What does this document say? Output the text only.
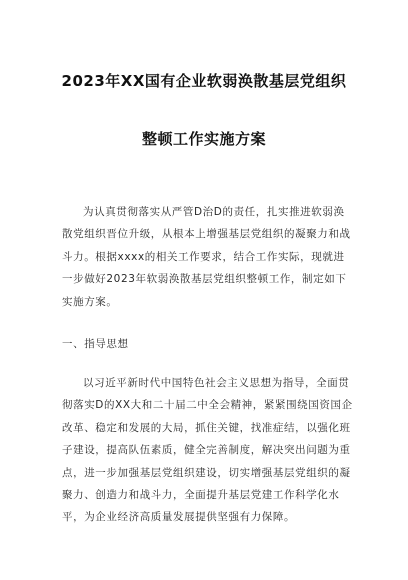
2023年XX国有企业软弱涣散基层党组织
整顿工作实施方案

为认真贯彻落实从严管D治D的责任，扎实推进软弱涣散党组织晋位升级，从根本上增强基层党组织的凝聚力和战斗力。根据xxxx的相关工作要求，结合工作实际，现就进一步做好2023年软弱涣散基层党组织整顿工作，制定如下实施方案。

一、指导思想

以习近平新时代中国特色社会主义思想为指导，全面贯彻落实D的XX大和二十届二中全会精神，紧紧围绕国资国企改革、稳定和发展的大局，抓住关键，找准症结，以强化班子建设，提高队伍素质，健全完善制度，解决突出问题为重点，进一步加强基层党组织建设，切实增强基层党组织的凝聚力、创造力和战斗力，全面提升基层党建工作科学化水平，为企业经济高质量发展提供坚强有力保障。
